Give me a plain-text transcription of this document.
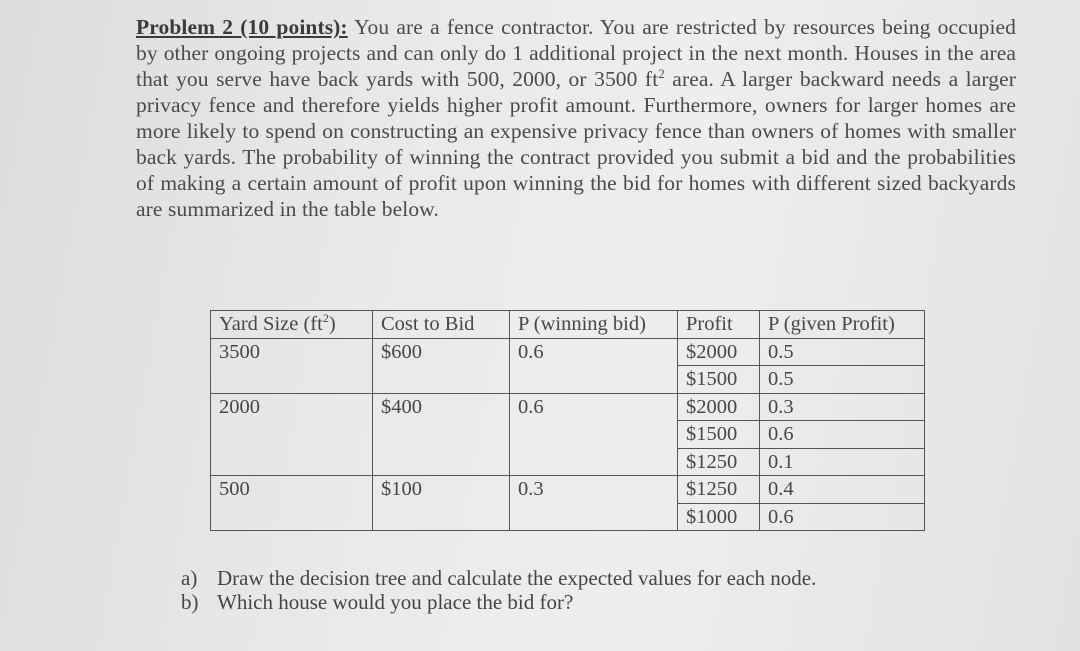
Problem 2 (10 points): You are a fence contractor. You are restricted by resources being occupied by other ongoing projects and can only do 1 additional project in the next month. Houses in the area that you serve have back yards with 500, 2000, or 3500 $ft^2$ area. A larger backward needs a larger privacy fence and therefore yields higher profit amount. Furthermore, owners for larger homes are more likely to spend on constructing an expensive privacy fence than owners of homes with smaller back yards. The probability of winning the contract provided you submit a bid and the probabilities of making a certain amount of profit upon winning the bid for homes with different sized backyards are summarized in the table below.
Yard Size $(ft^2)$	Cost to Bid	P (winning bid)	Profit	P (given Profit)
3500	$600	0.6	$2000	0.5
			$1500	0.5
2000	$400	0.6	$2000	0.3
			$1500	0.6
			$1250	0.1
500	$100	0.3	$1250	0.4
			$1000	0.6
a) Draw the decision tree and calculate the expected values for each node.
b) Which house would you place the bid for?
